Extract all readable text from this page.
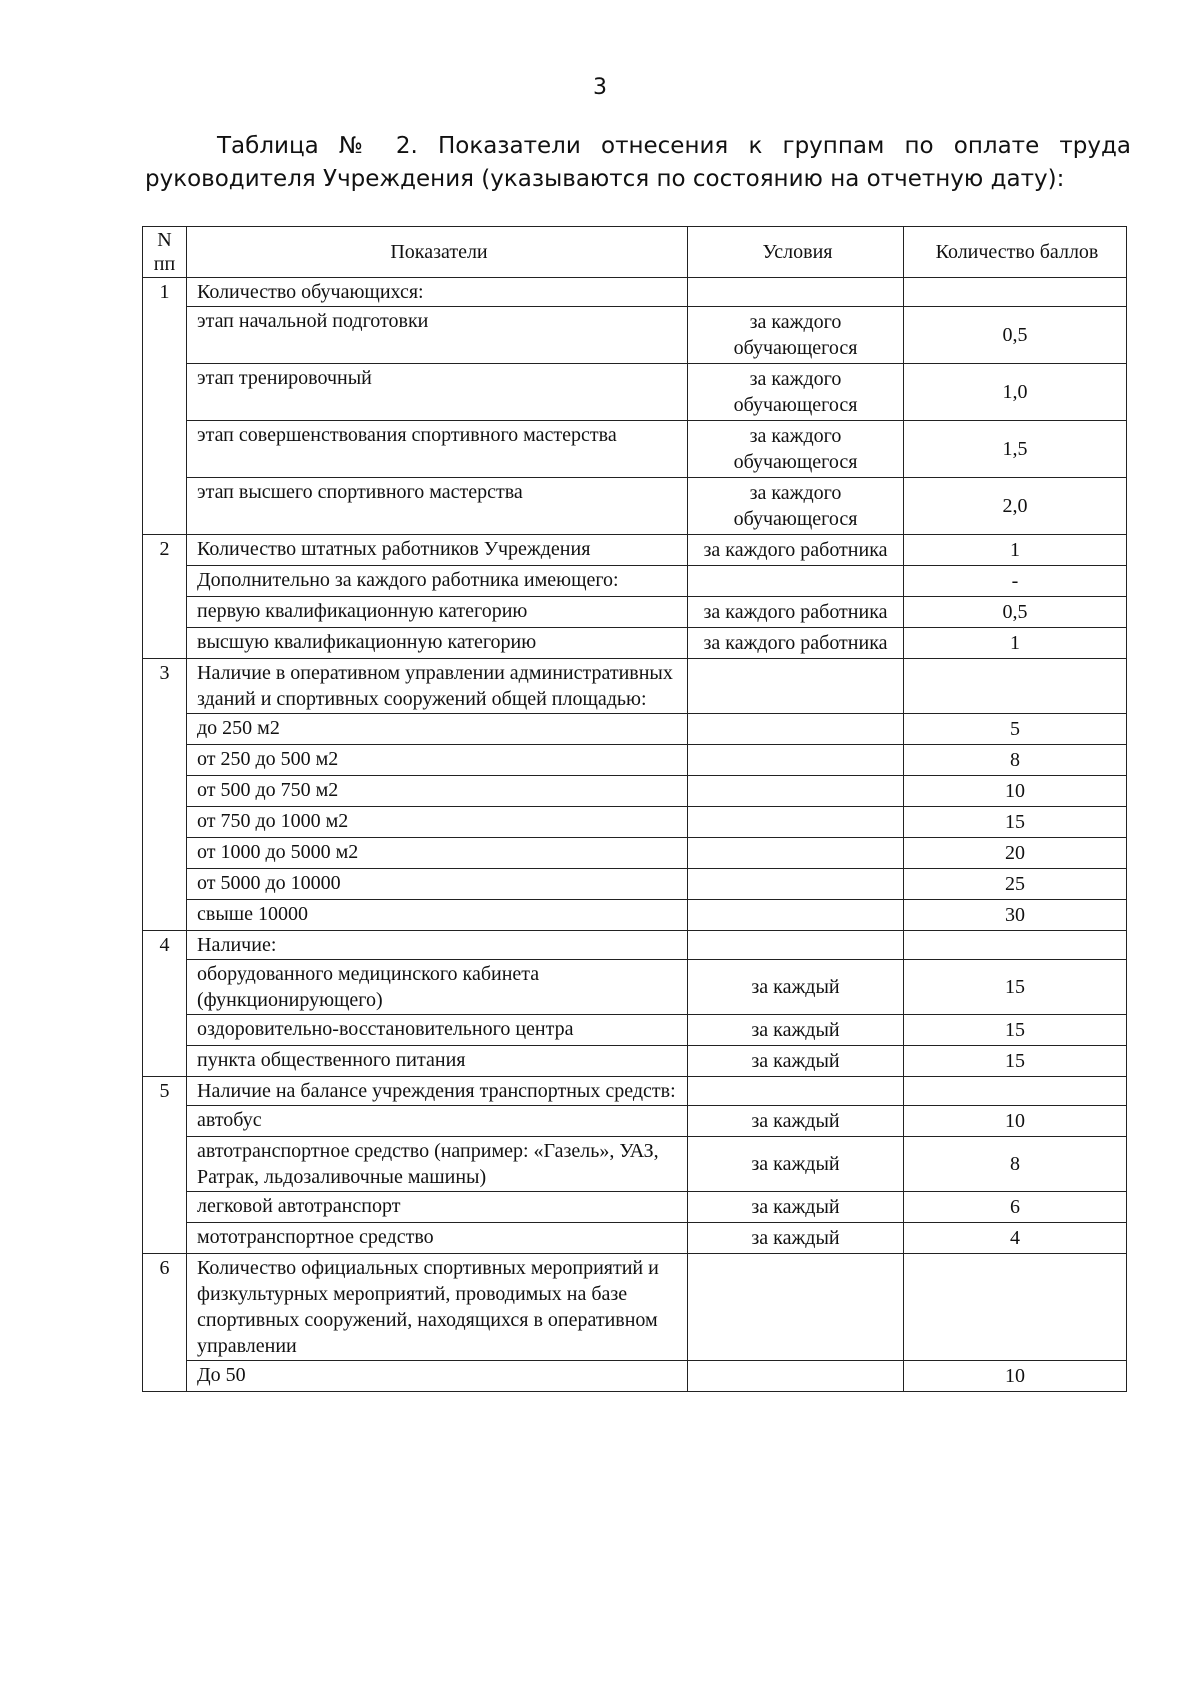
3
Таблица № 2. Показатели отнесения к группам по оплате труда руководителя Учреждения (указываются по состоянию на отчетную дату):
N пп	Показатели	Условия	Количество баллов
1	Количество обучающихся:		
	этап начальной подготовки	за каждого обучающегося	0,5
	этап тренировочный	за каждого обучающегося	1,0
	этап совершенствования спортивного мастерства	за каждого обучающегося	1,5
	этап высшего спортивного мастерства	за каждого обучающегося	2,0
2	Количество штатных работников Учреждения	за каждого работника	1
	Дополнительно за каждого работника имеющего:		-
	первую квалификационную категорию	за каждого работника	0,5
	высшую квалификационную категорию	за каждого работника	1
3	Наличие в оперативном управлении административных зданий и спортивных сооружений общей площадью:		
	до 250 м2		5
	от 250 до 500 м2		8
	от 500 до 750 м2		10
	от 750 до 1000 м2		15
	от 1000 до 5000 м2		20
	от 5000 до 10000		25
	свыше 10000		30
4	Наличие:		
	оборудованного медицинского кабинета (функционирующего)	за каждый	15
	оздоровительно-восстановительного центра	за каждый	15
	пункта общественного питания	за каждый	15
5	Наличие на балансе учреждения транспортных средств:		
	автобус	за каждый	10
	автотранспортное средство (например: «Газель», УАЗ, Ратрак, льдозаливочные машины)	за каждый	8
	легковой автотранспорт	за каждый	6
	мототранспортное средство	за каждый	4
6	Количество официальных спортивных мероприятий и физкультурных мероприятий, проводимых на базе спортивных сооружений, находящихся в оперативном управлении		
	До 50		10
